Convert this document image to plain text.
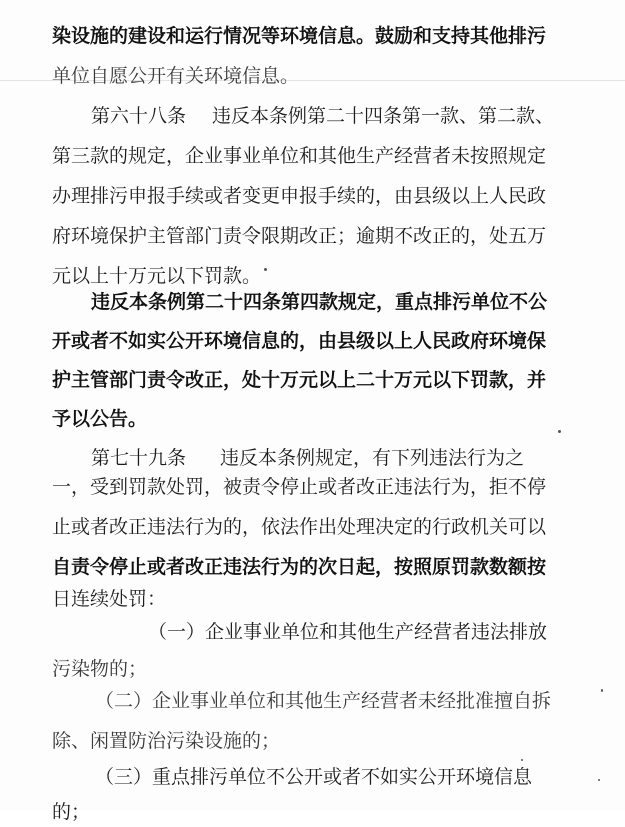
染设施的建设和运行情况等环境信息。鼓励和支持其他排污
单位自愿公开有关环境信息。
第六十八条 违反本条例第二十四条第一款、第二款、
第三款的规定，企业事业单位和其他生产经营者未按照规定
办理排污申报手续或者变更申报手续的，由县级以上人民政
府环境保护主管部门责令限期改正；逾期不改正的，处五万
元以上十万元以下罚款。
违反本条例第二十四条第四款规定，重点排污单位不公
开或者不如实公开环境信息的，由县级以上人民政府环境保
护主管部门责令改正，处十万元以上二十万元以下罚款，并
予以公告。
第七十九条 违反本条例规定，有下列违法行为之
一，受到罚款处罚，被责令停止或者改正违法行为，拒不停
止或者改正违法行为的，依法作出处理决定的行政机关可以
自责令停止或者改正违法行为的次日起，按照原罚款数额按
日连续处罚：
（一）企业事业单位和其他生产经营者违法排放
污染物的；
（二）企业事业单位和其他生产经营者未经批准擅自拆
除、闲置防治污染设施的；
（三）重点排污单位不公开或者不如实公开环境信息
的；
